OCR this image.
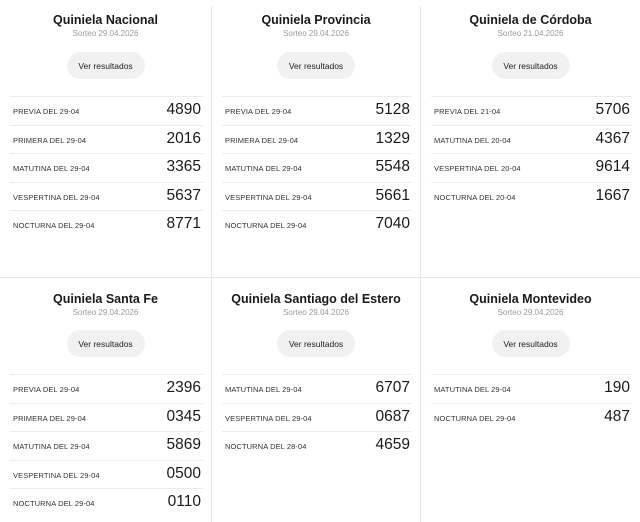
Quiniela Nacional
Sorteo 29.04.2026
Ver resultados
PREVIA DEL 29-04	4890
PRIMERA DEL 29-04	2016
MATUTINA DEL 29-04	3365
VESPERTINA DEL 29-04	5637
NOCTURNA DEL 29-04	8771
Quiniela Provincia
Sorteo 29.04.2026
Ver resultados
PREVIA DEL 29-04	5128
PRIMERA DEL 29-04	1329
MATUTINA DEL 29-04	5548
VESPERTINA DEL 29-04	5661
NOCTURNA DEL 29-04	7040
Quiniela de Córdoba
Sorteo 21.04.2026
Ver resultados
PREVIA DEL 21-04	5706
MATUTINA DEL 20-04	4367
VESPERTINA DEL 20-04	9614
NOCTURNA DEL 20-04	1667
Quiniela Santa Fe
Sorteo 29.04.2026
Ver resultados
PREVIA DEL 29-04	2396
PRIMERA DEL 29-04	0345
MATUTINA DEL 29-04	5869
VESPERTINA DEL 29-04	0500
NOCTURNA DEL 29-04	0110
Quiniela Santiago del Estero
Sorteo 29.04.2026
Ver resultados
MATUTINA DEL 29-04	6707
VESPERTINA DEL 29-04	0687
NOCTURNA DEL 28-04	4659
Quiniela Montevideo
Sorteo 29.04.2026
Ver resultados
MATUTINA DEL 29-04	190
NOCTURNA DEL 29-04	487
